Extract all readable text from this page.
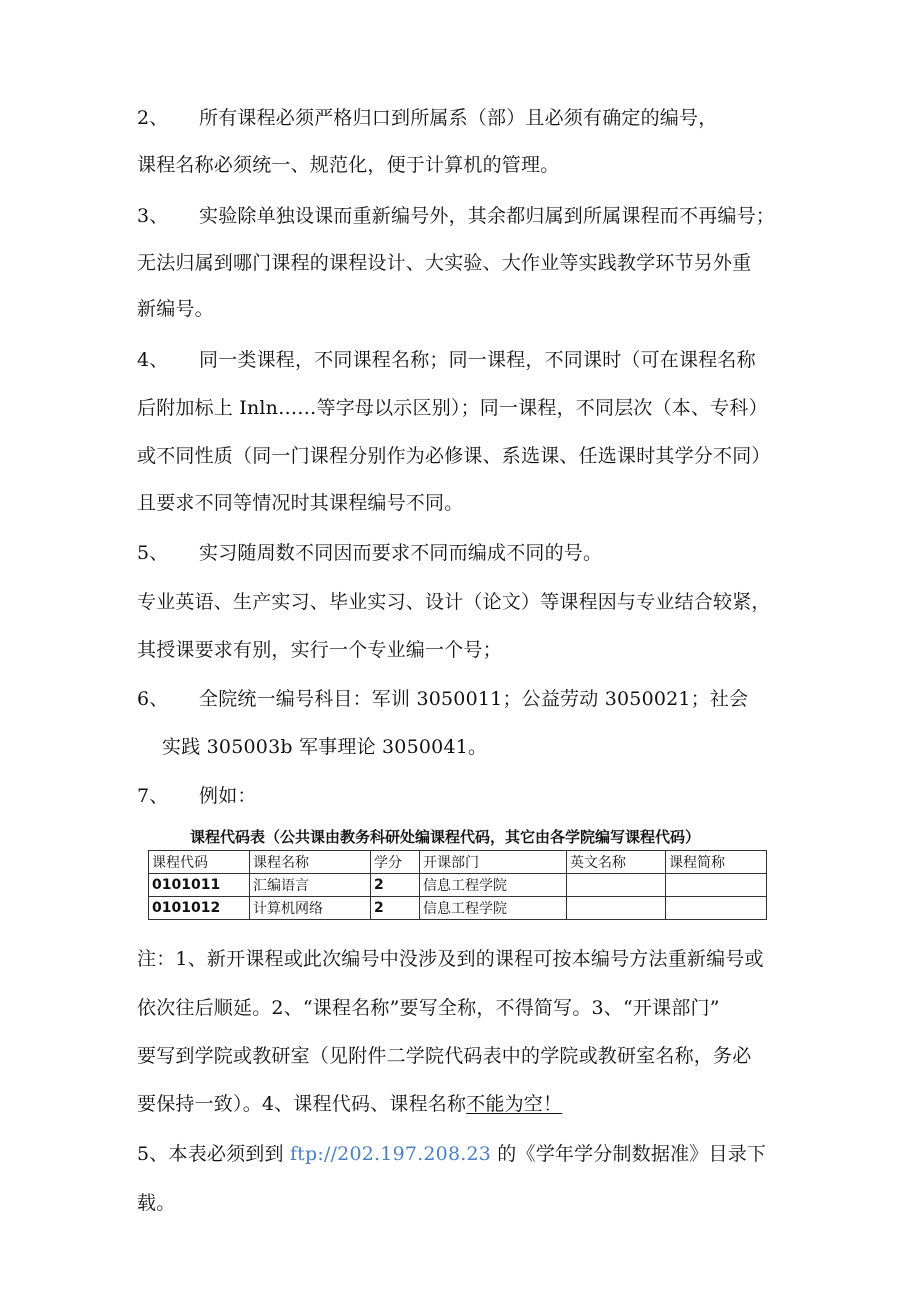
2、 所有课程必须严格归口到所属系（部）且必须有确定的编号，
课程名称必须统一、规范化，便于计算机的管理。
3、 实验除单独设课而重新编号外，其余都归属到所属课程而不再编号；
无法归属到哪门课程的课程设计、大实验、大作业等实践教学环节另外重
新编号。
4、 同一类课程，不同课程名称；同一课程，不同课时（可在课程名称
后附加标上 Inln……等字母以示区别）；同一课程，不同层次（本、专科）
或不同性质（同一门课程分别作为必修课、系选课、任选课时其学分不同）
且要求不同等情况时其课程编号不同。
5、 实习随周数不同因而要求不同而编成不同的号。
专业英语、生产实习、毕业实习、设计（论文）等课程因与专业结合较紧，
其授课要求有别，实行一个专业编一个号；
6、 全院统一编号科目：军训 3050011；公益劳动 3050021；社会
实践 305003b 军事理论 3050041。
7、 例如：
课程代码表（公共课由教务科研处编课程代码，其它由各学院编写课程代码）
课程代码	课程名称	学分	开课部门	英文名称	课程简称
0101011	汇编语言	2	信息工程学院		
0101012	计算机网络	2	信息工程学院		
注：1、新开课程或此次编号中没涉及到的课程可按本编号方法重新编号或
依次往后顺延。2、“课程名称”要写全称，不得简写。3、“开课部门”
要写到学院或教研室（见附件二学院代码表中的学院或教研室名称，务必
要保持一致）。4、课程代码、课程名称不能为空！
5、本表必须到到 ftp://202.197.208.23 的《学年学分制数据准》目录下
载。
